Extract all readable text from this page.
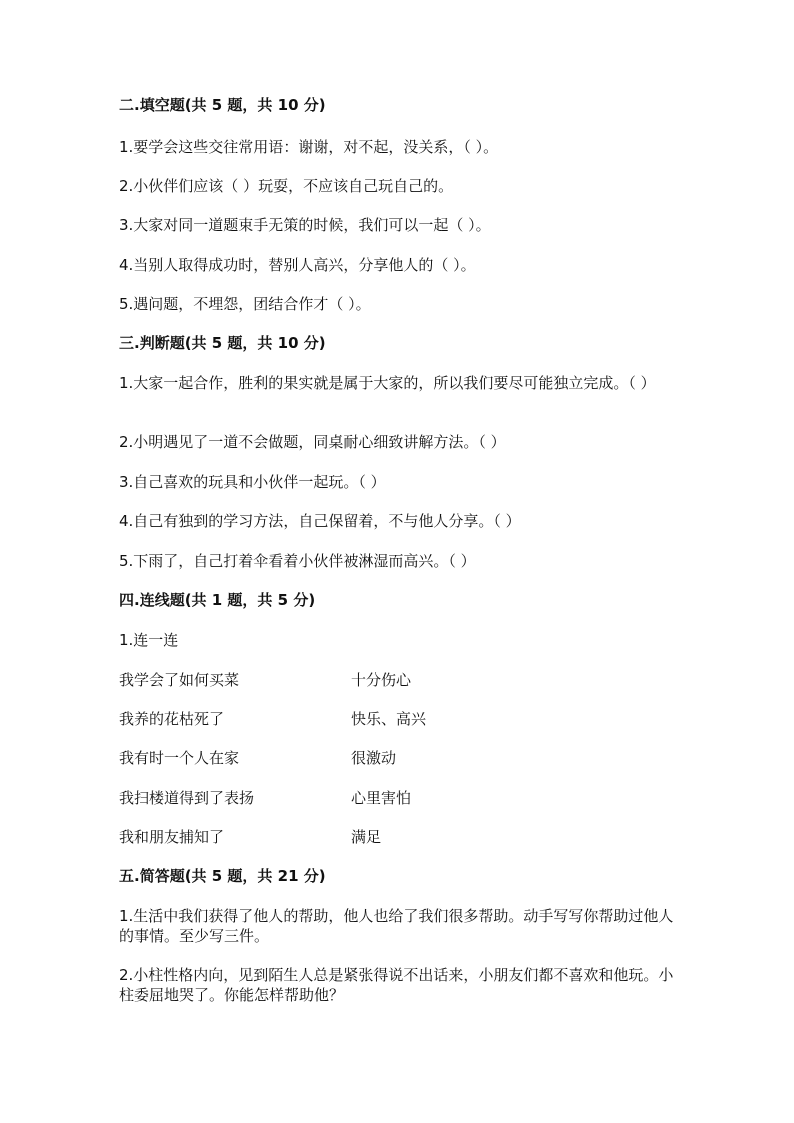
二.填空题(共 5 题，共 10 分)
1.要学会这些交往常用语：谢谢，对不起，没关系，（ ）。
2.小伙伴们应该（ ）玩耍，不应该自己玩自己的。
3.大家对同一道题束手无策的时候，我们可以一起（ ）。
4.当别人取得成功时，替别人高兴，分享他人的（ ）。
5.遇问题，不埋怨，团结合作才（ ）。
三.判断题(共 5 题，共 10 分)
1.大家一起合作，胜利的果实就是属于大家的，所以我们要尽可能独立完成。（ ）
2.小明遇见了一道不会做题，同桌耐心细致讲解方法。（ ）
3.自己喜欢的玩具和小伙伴一起玩。（ ）
4.自己有独到的学习方法，自己保留着，不与他人分享。（ ）
5.下雨了，自己打着伞看着小伙伴被淋湿而高兴。（ ）
四.连线题(共 1 题，共 5 分)
1.连一连
我学会了如何买菜	十分伤心
我养的花枯死了	快乐、高兴
我有时一个人在家	很激动
我扫楼道得到了表扬	心里害怕
我和朋友捕知了	满足
五.简答题(共 5 题，共 21 分)
1.生活中我们获得了他人的帮助，他人也给了我们很多帮助。动手写写你帮助过他人的事情。至少写三件。
2.小柱性格内向，见到陌生人总是紧张得说不出话来，小朋友们都不喜欢和他玩。小柱委屈地哭了。你能怎样帮助他？
